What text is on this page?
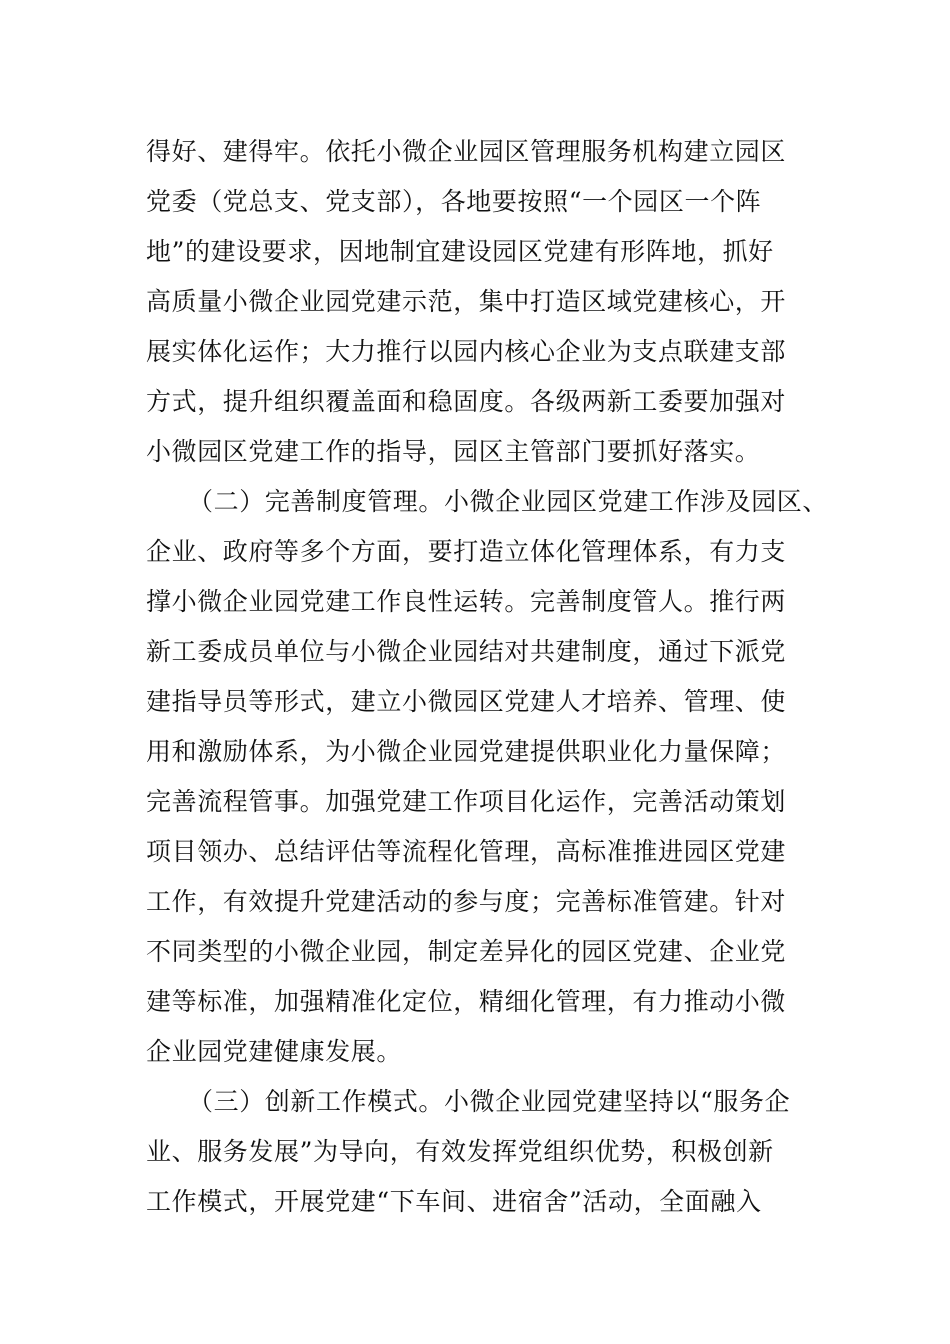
得好、建得牢。依托小微企业园区管理服务机构建立园区
党委（党总支、党支部），各地要按照“一个园区一个阵
地”的建设要求，因地制宜建设园区党建有形阵地，抓好
高质量小微企业园党建示范，集中打造区域党建核心，开
展实体化运作；大力推行以园内核心企业为支点联建支部
方式，提升组织覆盖面和稳固度。各级两新工委要加强对
小微园区党建工作的指导，园区主管部门要抓好落实。
（二）完善制度管理。小微企业园区党建工作涉及园区、
企业、政府等多个方面，要打造立体化管理体系，有力支
撑小微企业园党建工作良性运转。完善制度管人。推行两
新工委成员单位与小微企业园结对共建制度，通过下派党
建指导员等形式，建立小微园区党建人才培养、管理、使
用和激励体系，为小微企业园党建提供职业化力量保障；
完善流程管事。加强党建工作项目化运作，完善活动策划
项目领办、总结评估等流程化管理，高标准推进园区党建
工作，有效提升党建活动的参与度；完善标准管建。针对
不同类型的小微企业园，制定差异化的园区党建、企业党
建等标准，加强精准化定位，精细化管理，有力推动小微
企业园党建健康发展。
（三）创新工作模式。小微企业园党建坚持以“服务企
业、服务发展”为导向，有效发挥党组织优势，积极创新
工作模式，开展党建“下车间、进宿舍”活动，全面融入
